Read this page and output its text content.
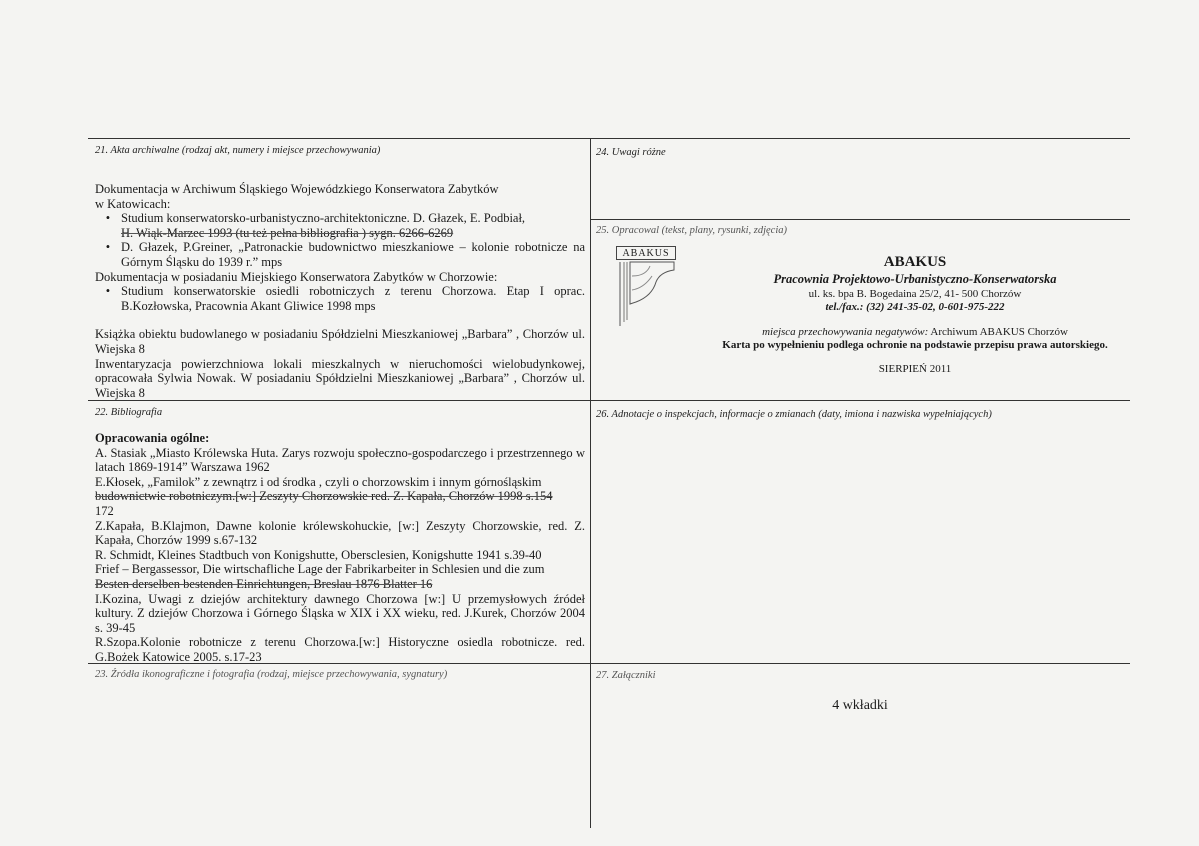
21. Akta archiwalne (rodzaj akt, numery i miejsce przechowywania)

Dokumentacja w Archiwum Śląskiego Wojewódzkiego Konserwatora Zabytków

w Katowicach:

• Studium konserwatorsko-urbanistyczno-architektoniczne. D. Głazek, E. Podbiał,
H. Wiąk-Marzec 1993 (tu też pełna bibliografia ) sygn. 6266-6269
• D. Głazek, P.Greiner, „Patronackie budownictwo mieszkaniowe – kolonie robotnicze na Górnym Śląsku do 1939 r.” mps

Dokumentacja w posiadaniu Miejskiego Konserwatora Zabytków w Chorzowie:

• Studium konserwatorskie osiedli robotniczych z terenu Chorzowa. Etap I oprac. B.Kozłowska, Pracownia Akant Gliwice 1998 mps

Książka obiektu budowlanego w posiadaniu Spółdzielni Mieszkaniowej „Barbara” , Chorzów ul. Wiejska 8

Inwentaryzacja powierzchniowa lokali mieszkalnych w nieruchomości wielobudynkowej, opracowała Sylwia Nowak. W posiadaniu Spółdzielni Mieszkaniowej „Barbara” , Chorzów ul. Wiejska 8

22. Bibliografia

Opracowania ogólne:

A. Stasiak „Miasto Królewska Huta. Zarys rozwoju społeczno-gospodarczego i przestrzennego w latach 1869-1914” Warszawa 1962

E.Kłosek, „Familok” z zewnątrz i od środka , czyli o chorzowskim i innym górnośląskim

budownictwie robotniczym.[w:] Zeszyty Chorzowskie red. Z. Kapała, Chorzów 1998 s.154

172

Z.Kapała, B.Klajmon, Dawne kolonie królewskohuckie, [w:] Zeszyty Chorzowskie, red. Z. Kapała, Chorzów 1999 s.67-132

R. Schmidt, Kleines Stadtbuch von Konigshutte, Obersclesien, Konigshutte 1941 s.39-40

Frief – Bergassessor, Die wirtschafliche Lage der Fabrikarbeiter in Schlesien und die zum

Besten derselben bestenden Einrichtungen, Breslau 1876 Blatter 16

I.Kozina, Uwagi z dziejów architektury dawnego Chorzowa [w:] U przemysłowych źródeł kultury. Z dziejów Chorzowa i Górnego Śląska w XIX i XX wieku, red. J.Kurek, Chorzów 2004 s. 39-45

R.Szopa.Kolonie robotnicze z terenu Chorzowa.[w:] Historyczne osiedla robotnicze. red. G.Bożek Katowice 2005. s.17-23

23. Źródła ikonograficzne i fotografia (rodzaj, miejsce przechowywania, sygnatury)
24. Uwagi różne
25. Opracowal (tekst, plany, rysunki, zdjęcia)
ABAKUS
ABAKUS
Pracownia Projektowo-Urbanistyczno-Konserwatorska
ul. ks. bpa B. Bogedaina 25/2, 41- 500 Chorzów
tel./fax.: (32) 241-35-02, 0-601-975-222
miejsca przechowywania negatywów: Archiwum ABAKUS Chorzów
Karta po wypełnieniu podlega ochronie na podstawie przepisu prawa autorskiego.
SIERPIEŃ 2011
26. Adnotacje o inspekcjach, informacje o zmianach (daty, imiona i nazwiska wypełniających)
27. Załączniki
4 wkładki
